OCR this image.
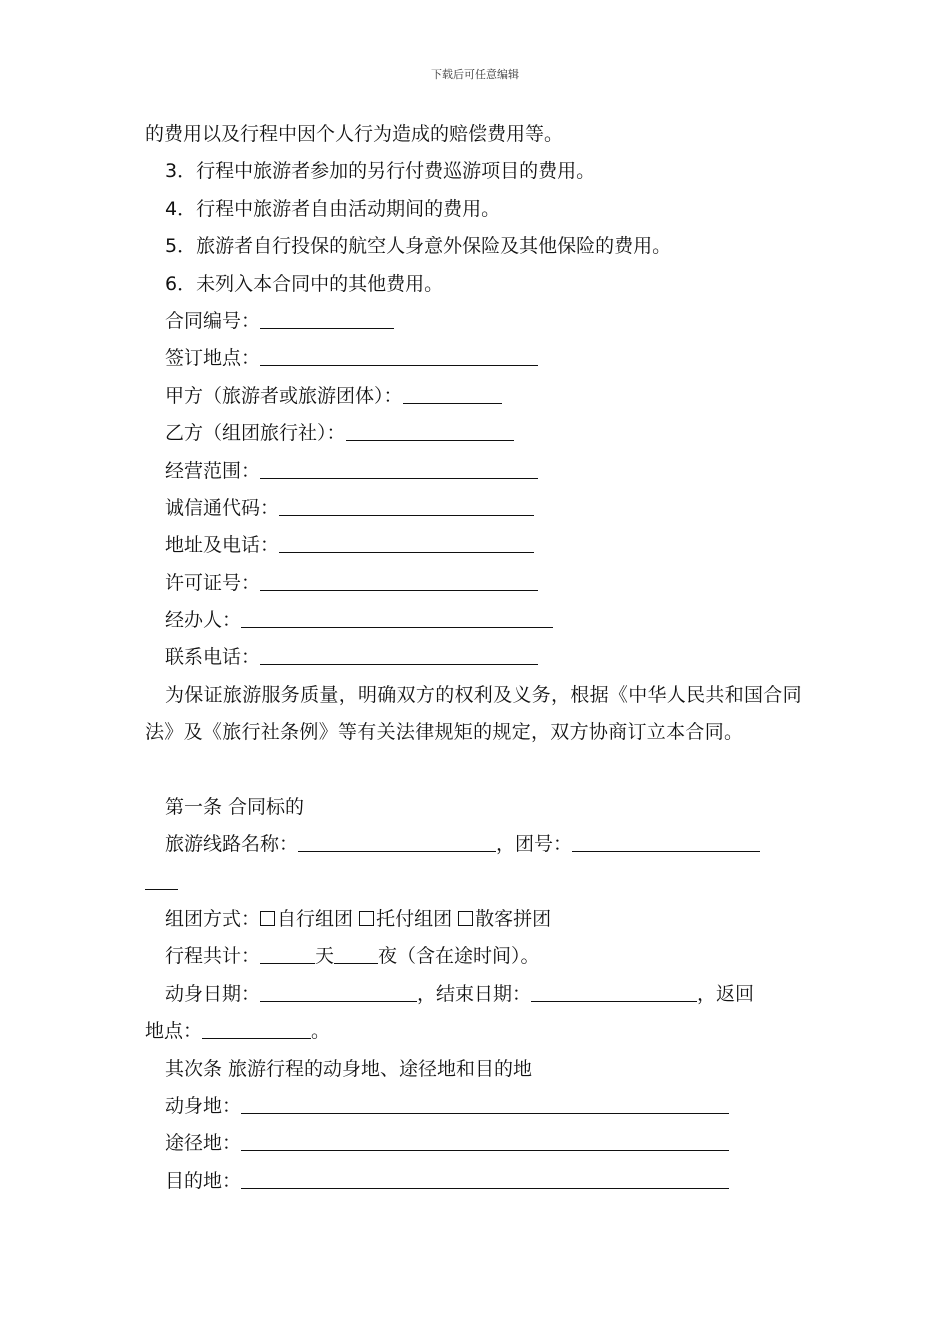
下载后可任意编辑
的费用以及行程中因个人行为造成的赔偿费用等。
3．行程中旅游者参加的另行付费巡游项目的费用。
4．行程中旅游者自由活动期间的费用。
5．旅游者自行投保的航空人身意外保险及其他保险的费用。
6．未列入本合同中的其他费用。
合同编号：
签订地点：
甲方（旅游者或旅游团体）：
乙方（组团旅行社）：
经营范围：
诚信通代码：
地址及电话：
许可证号：
经办人：
联系电话：
为保证旅游服务质量，明确双方的权利及义务，根据《中华人民共和国合同法》及《旅行社条例》等有关法律规矩的规定，双方协商订立本合同。
第一条 合同标的
旅游线路名称：	，团号：
组团方式： 自行组团 托付组团 散客拼团
行程共计：	天 夜（含在途时间）。
动身日期：	，结束日期：	，返回
地点：	。
其次条 旅游行程的动身地、途径地和目的地
动身地：
途径地：
目的地：
